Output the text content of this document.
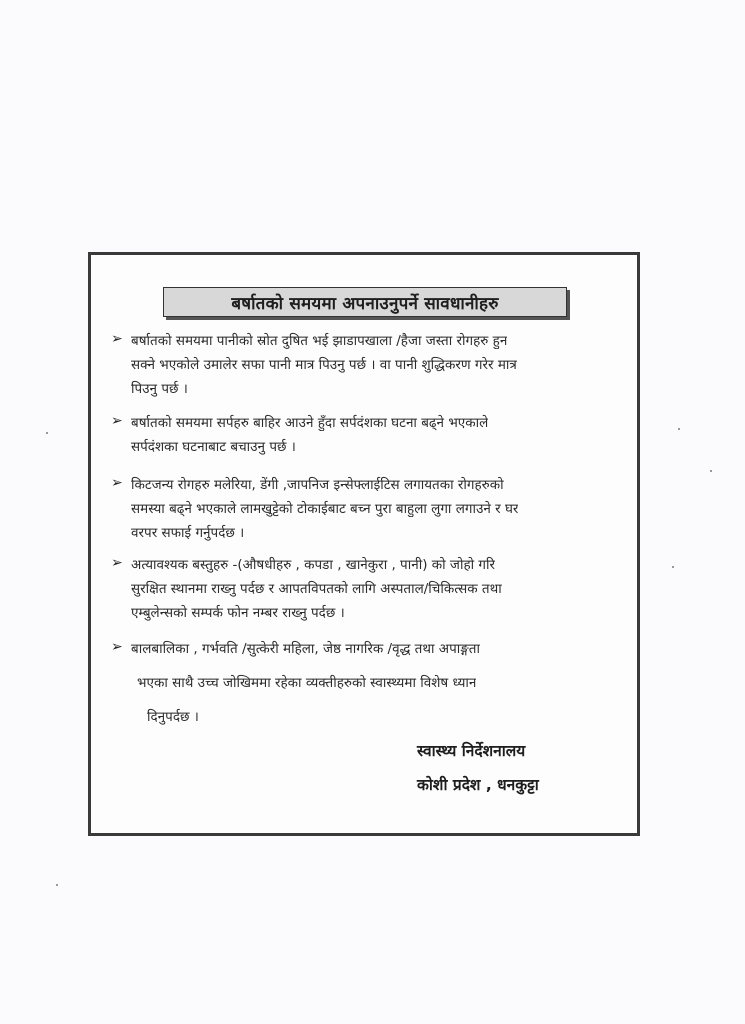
बर्षातको समयमा अपनाउनुपर्ने सावधानीहरु
➢ बर्षातको समयमा पानीको स्रोत दुषित भई झाडापखाला /हैजा जस्ता रोगहरु हुन
सक्ने भएकोले उमालेर सफा पानी मात्र पिउनु पर्छ । वा पानी शुद्धिकरण गरेर मात्र
पिउनु पर्छ ।
➢ बर्षातको समयमा सर्पहरु बाहिर आउने हुँदा सर्पदंशका घटना बढ्ने भएकाले
सर्पदंशका घटनाबाट बचाउनु पर्छ ।
➢ किटजन्य रोगहरु मलेरिया, डेंगी ,जापनिज इन्सेफ्लाईटिस लगायतका रोगहरुको
समस्या बढ्ने भएकाले लामखुट्टेको टोकाईबाट बच्न पुरा बाहुला लुगा लगाउने र घर
वरपर सफाई गर्नुपर्दछ ।
➢ अत्यावश्यक बस्तुहरु -(औषधीहरु , कपडा , खानेकुरा , पानी) को जोहो गरि
सुरक्षित स्थानमा राख्नु पर्दछ र आपतविपतको लागि अस्पताल/चिकित्सक तथा
एम्बुलेन्सको सम्पर्क फोन नम्बर राख्नु पर्दछ ।
➢ बालबालिका , गर्भवति /सुत्केरी महिला, जेष्ठ नागरिक /वृद्ध तथा अपाङ्गता
भएका साथै उच्च जोखिममा रहेका व्यक्तीहरुको स्वास्थ्यमा विशेष ध्यान
दिनुपर्दछ ।
स्वास्थ्य निर्देशनालय
कोशी प्रदेश , धनकुट्टा
